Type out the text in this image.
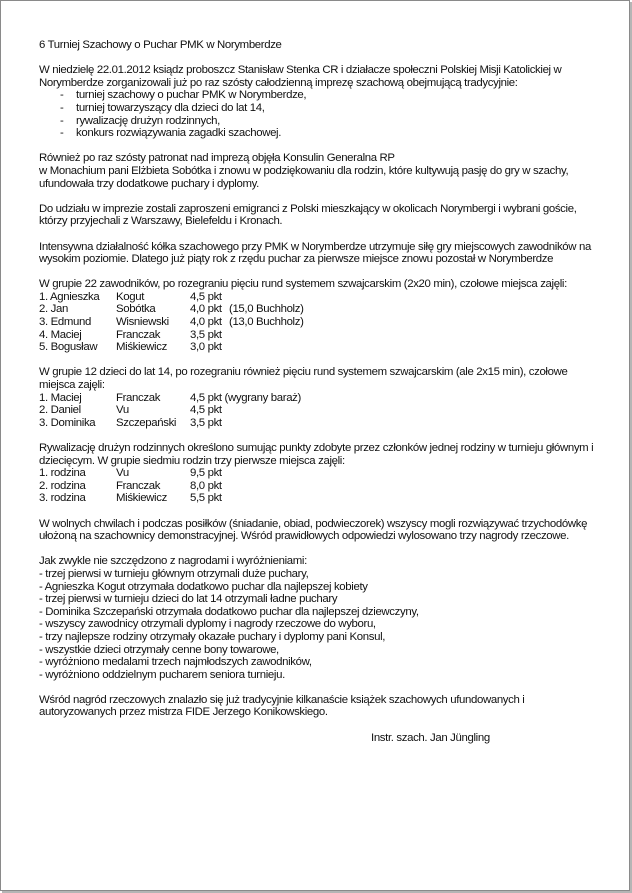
6 Turniej Szachowy o Puchar PMK w Norymberdze

W niedzielę 22.01.2012 ksiądz proboszcz Stanisław Stenka CR i działacze społeczni Polskiej Misji Katolickiej w Norymberdze zorganizowali już po raz szósty całodzienną imprezę szachową obejmującą tradycyjnie:

- turniej szachowy o puchar PMK w Norymberdze,
- turniej towarzyszący dla dzieci do lat 14,
- rywalizację drużyn rodzinnych,
- konkurs rozwiązywania zagadki szachowej.

Również po raz szósty patronat nad imprezą objęła Konsulin Generalna RP

w Monachium pani Elżbieta Sobótka i znowu w podziękowaniu dla rodzin, które kultywują pasję do gry w szachy, ufundowała trzy dodatkowe puchary i dyplomy.

Do udziału w imprezie zostali zaproszeni emigranci z Polski mieszkający w okolicach Norymbergi i wybrani goście, którzy przyjechali z Warszawy, Bielefeldu i Kronach.

Intensywna działalność kółka szachowego przy PMK w Norymberdze utrzymuje siłę gry miejscowych zawodników na wysokim poziomie. Dlatego już piąty rok z rzędu puchar za pierwsze miejsce znowu pozostał w Norymberdze

W grupie 22 zawodników, po rozegraniu pięciu rund systemem szwajcarskim (2x20 min), czołowe miejsca zajęli:

1. Agnieszka	Kogut	4,5 pkt	
2. Jan	Sobótka	4,0 pkt	(15,0 Buchholz)
3. Edmund	Wisniewski	4,0 pkt	(13,0 Buchholz)
4. Maciej	Franczak	3,5 pkt	
5. Bogusław	Miśkiewicz	3,0 pkt	

W grupie 12 dzieci do lat 14, po rozegraniu również pięciu rund systemem szwajcarskim (ale 2x15 min), czołowe miejsca zajęli:

1. Maciej	Franczak	4,5 pkt (wygrany baraż)
2. Daniel	Vu	4,5 pkt
3. Dominika	Szczepański	3,5 pkt

Rywalizację drużyn rodzinnych określono sumując punkty zdobyte przez członków jednej rodziny w turnieju głównym i dziecięcym. W grupie siedmiu rodzin trzy pierwsze miejsca zajęli:

1. rodzina	Vu	9,5 pkt
2. rodzina	Franczak	8,0 pkt
3. rodzina	Miśkiewicz	5,5 pkt

W wolnych chwilach i podczas posiłków (śniadanie, obiad, podwieczorek) wszyscy mogli rozwiązywać trzychodówkę ułożoną na szachownicy demonstracyjnej. Wśród prawidłowych odpowiedzi wylosowano trzy nagrody rzeczowe.

Jak zwykle nie szczędzono z nagrodami i wyróżnieniami:

- trzej pierwsi w turnieju głównym otrzymali duże puchary,

- Agnieszka Kogut otrzymała dodatkowo puchar dla najlepszej kobiety

- trzej pierwsi w turnieju dzieci do lat 14 otrzymali ładne puchary

- Dominika Szczepański otrzymała dodatkowo puchar dla najlepszej dziewczyny,

- wszyscy zawodnicy otrzymali dyplomy i nagrody rzeczowe do wyboru,

- trzy najlepsze rodziny otrzymały okazałe puchary i dyplomy pani Konsul,

- wszystkie dzieci otrzymały cenne bony towarowe,

- wyróżniono medalami trzech najmłodszych zawodników,

- wyróżniono oddzielnym pucharem seniora turnieju.

Wśród nagród rzeczowych znalazło się już tradycyjnie kilkanaście książek szachowych ufundowanych i autoryzowanych przez mistrza FIDE Jerzego Konikowskiego.

Instr. szach. Jan Jüngling
